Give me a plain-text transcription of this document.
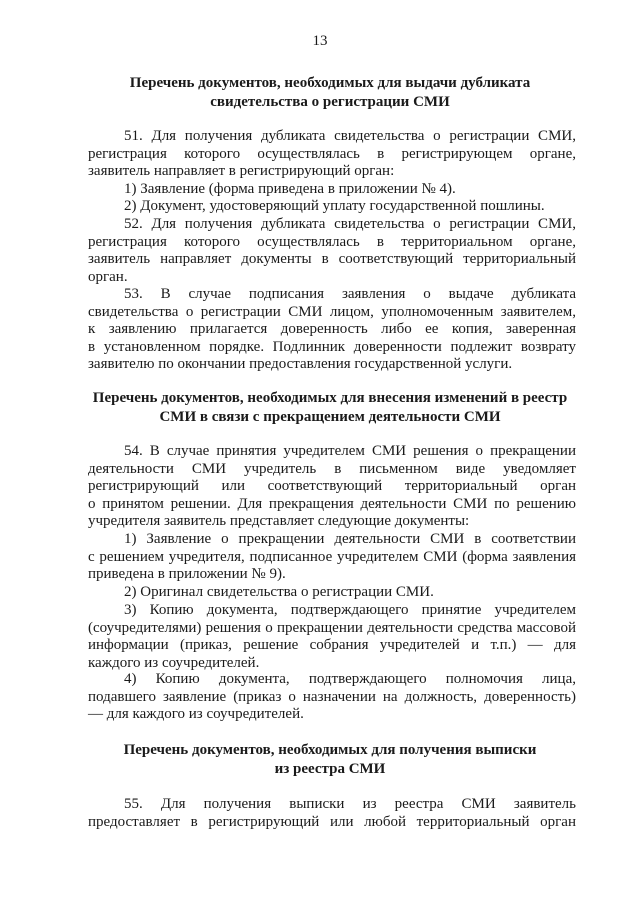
13
Перечень документов, необходимых для выдачи дубликата
свидетельства о регистрации СМИ
51. Для получения дубликата свидетельства о регистрации СМИ,
регистрация которого осуществлялась в регистрирующем органе,
заявитель направляет в регистрирующий орган:
1) Заявление (форма приведена в приложении № 4).
2) Документ, удостоверяющий уплату государственной пошлины.
52. Для получения дубликата свидетельства о регистрации СМИ,
регистрация которого осуществлялась в территориальном органе,
заявитель направляет документы в соответствующий территориальный
орган.
53. В случае подписания заявления о выдаче дубликата
свидетельства о регистрации СМИ лицом, уполномоченным заявителем,
к заявлению прилагается доверенность либо ее копия, заверенная
в установленном порядке. Подлинник доверенности подлежит возврату
заявителю по окончании предоставления государственной услуги.
Перечень документов, необходимых для внесения изменений в реестр
СМИ в связи с прекращением деятельности СМИ
54. В случае принятия учредителем СМИ решения о прекращении
деятельности СМИ учредитель в письменном виде уведомляет
регистрирующий или соответствующий территориальный орган
о принятом решении. Для прекращения деятельности СМИ по решению
учредителя заявитель представляет следующие документы:
1) Заявление о прекращении деятельности СМИ в соответствии
с решением учредителя, подписанное учредителем СМИ (форма заявления
приведена в приложении № 9).
2) Оригинал свидетельства о регистрации СМИ.
3) Копию документа, подтверждающего принятие учредителем
(соучредителями) решения о прекращении деятельности средства массовой
информации (приказ, решение собрания учредителей и т.п.) — для
каждого из соучредителей.
4) Копию документа, подтверждающего полномочия лица,
подавшего заявление (приказ о назначении на должность, доверенность)
— для каждого из соучредителей.
Перечень документов, необходимых для получения выписки
из реестра СМИ
55. Для получения выписки из реестра СМИ заявитель
предоставляет в регистрирующий или любой территориальный орган
